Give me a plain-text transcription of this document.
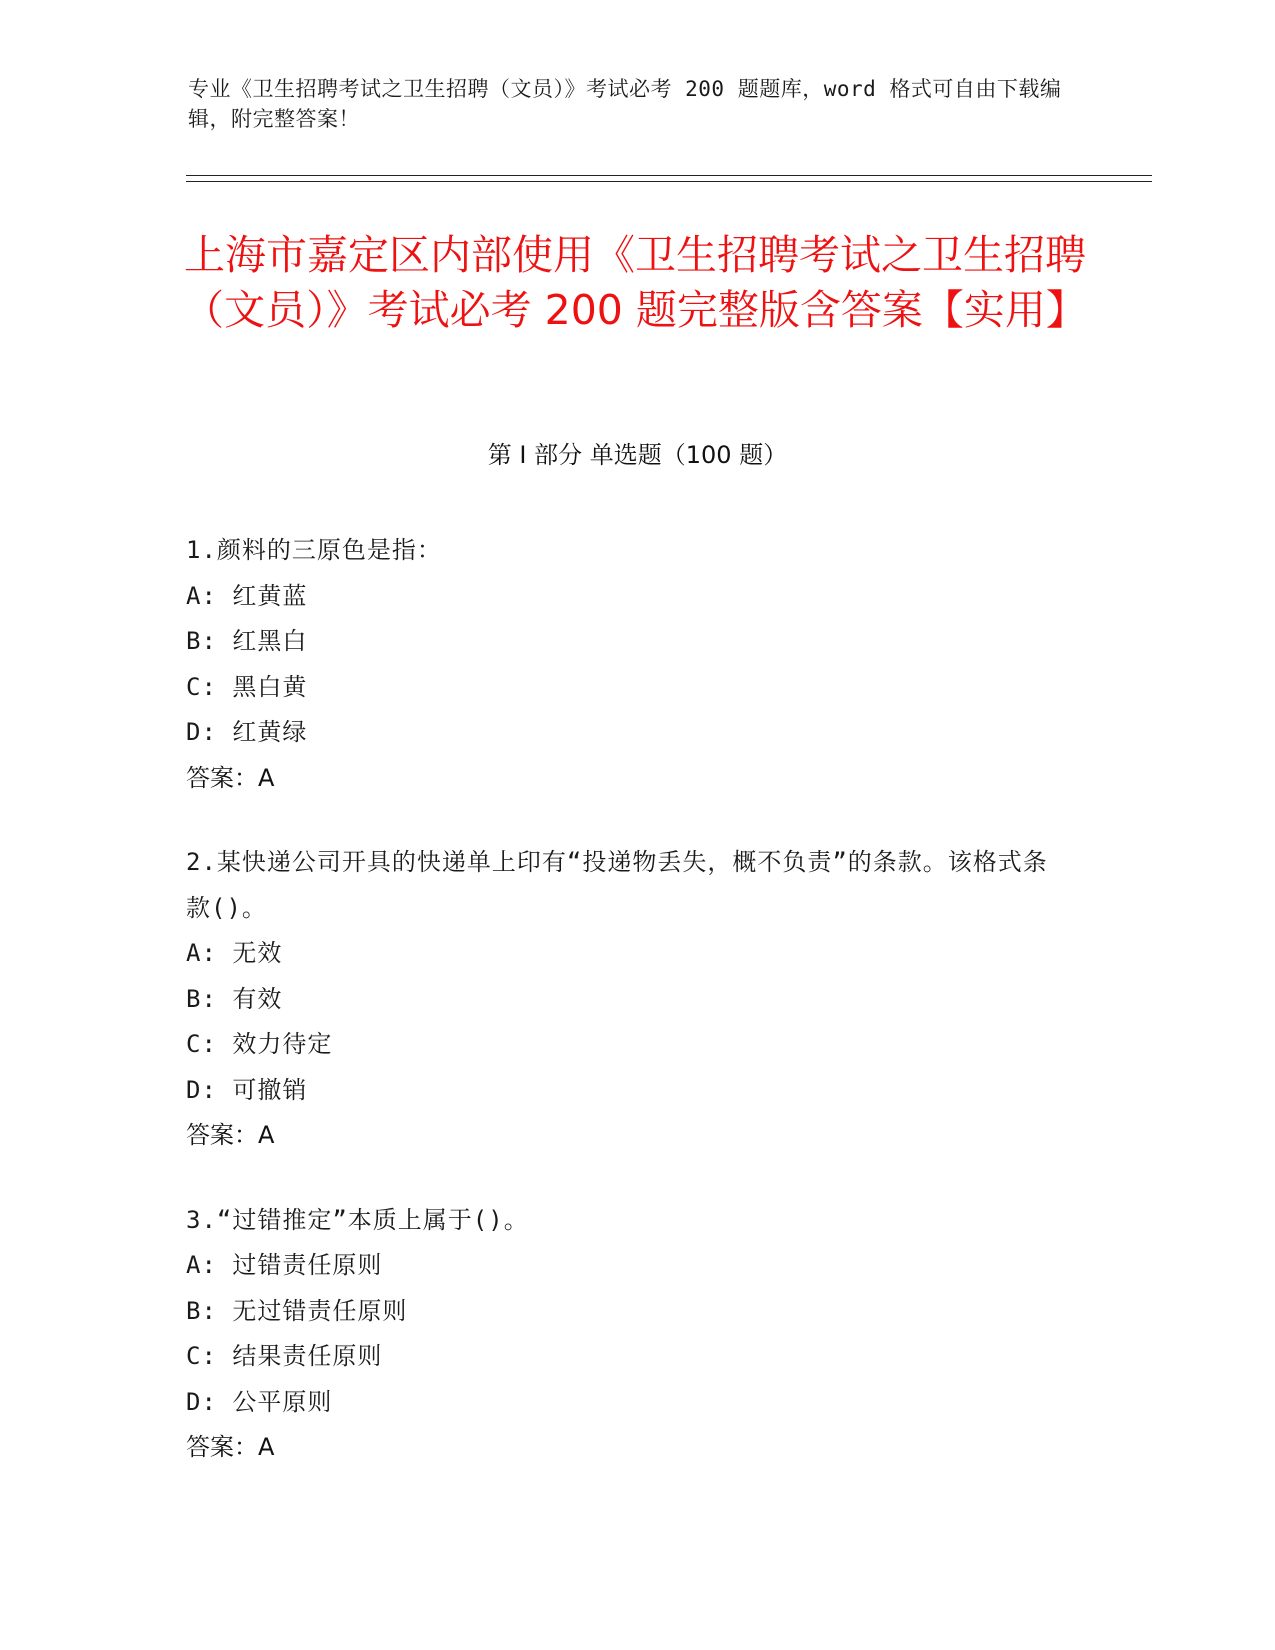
专业《卫生招聘考试之卫生招聘（文员）》考试必考 200 题题库，word 格式可自由下载编辑，附完整答案！

上海市嘉定区内部使用《卫生招聘考试之卫生招聘（文员）》考试必考 200 题完整版含答案【实用】
第 I 部分 单选题（100 题）

1.颜料的三原色是指：

A: 红黄蓝

B: 红黑白

C: 黑白黄

D: 红黄绿

答案：A

2.某快递公司开具的快递单上印有“投递物丢失，概不负责”的条款。该格式条款()。

A: 无效

B: 有效

C: 效力待定

D: 可撤销

答案：A

3.“过错推定”本质上属于()。

A: 过错责任原则

B: 无过错责任原则

C: 结果责任原则

D: 公平原则

答案：A
